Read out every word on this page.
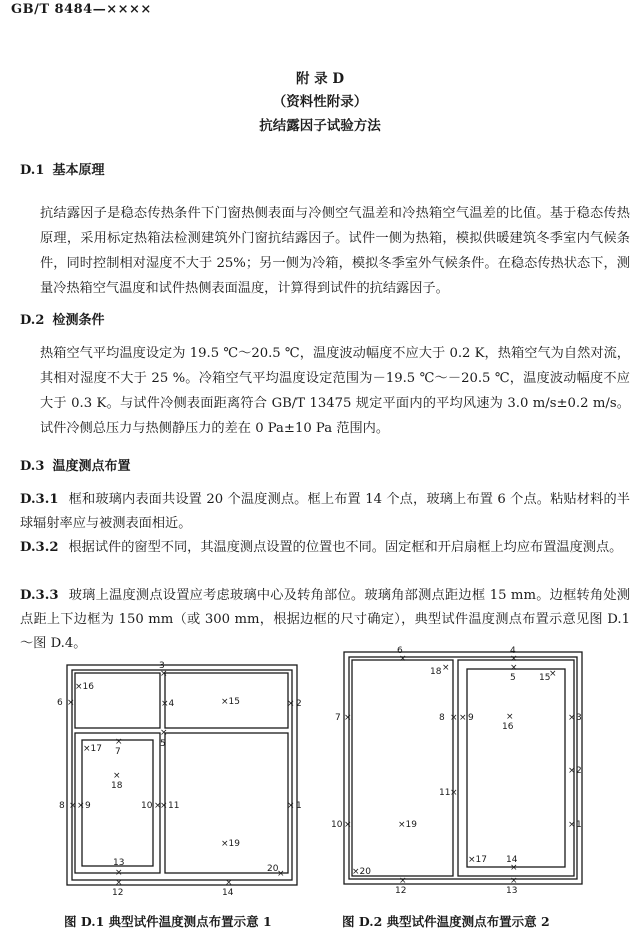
GB/T 8484—××××
附 录 D
（资料性附录）
抗结露因子试验方法
D.1 基本原理
抗结露因子是稳态传热条件下门窗热侧表面与冷侧空气温差和冷热箱空气温差的比值。基于稳态传热原理，采用标定热箱法检测建筑外门窗抗结露因子。试件一侧为热箱，模拟供暖建筑冬季室内气候条件，同时控制相对湿度不大于 25%；另一侧为冷箱，模拟冬季室外气候条件。在稳态传热状态下，测量冷热箱空气温度和试件热侧表面温度，计算得到试件的抗结露因子。
D.2 检测条件
热箱空气平均温度设定为 19.5 ℃～20.5 ℃，温度波动幅度不应大于 0.2 K，热箱空气为自然对流，其相对湿度不大于 25 %。冷箱空气平均温度设定范围为－19.5 ℃～－20.5 ℃，温度波动幅度不应大于 0.3 K。与试件冷侧表面距离符合 GB/T 13475 规定平面内的平均风速为 3.0 m/s±0.2 m/s。试件冷侧总压力与热侧静压力的差在 0 Pa±10 Pa 范围内。
D.3 温度测点布置
D.3.1 框和玻璃内表面共设置 20 个温度测点。框上布置 14 个点，玻璃上布置 6 个点。粘贴材料的半球辐射率应与被测表面相近。
D.3.2 根据试件的窗型不同，其温度测点设置的位置也不同。固定框和开启扇框上均应布置温度测点。
D.3.3 玻璃上温度测点设置应考虑玻璃中心及转角部位。玻璃角部测点距边框 15 mm。边框转角处测点距上下边框为 150 mm（或 300 mm，根据边框的尺寸确定），典型试件温度测点布置示意见图 D.1～图 D.4。
×16
3
×
6 ×	×4	×15	× 2
×
5
×17
×
7
×
18
8 × × 9	10 ×
× 11	× 1
×19
13
×	20
×
×
12
×
14
6
×
4
×
×
5
18 ×
15
×
7 ×	8 × × 9	×
16
× 3
× 2
11 ×
10 ×	×19	× 1
×17 14
×
×20
×
12
×
13
图 D.1 典型试件温度测点布置示意 1	图 D.2 典型试件温度测点布置示意 2
